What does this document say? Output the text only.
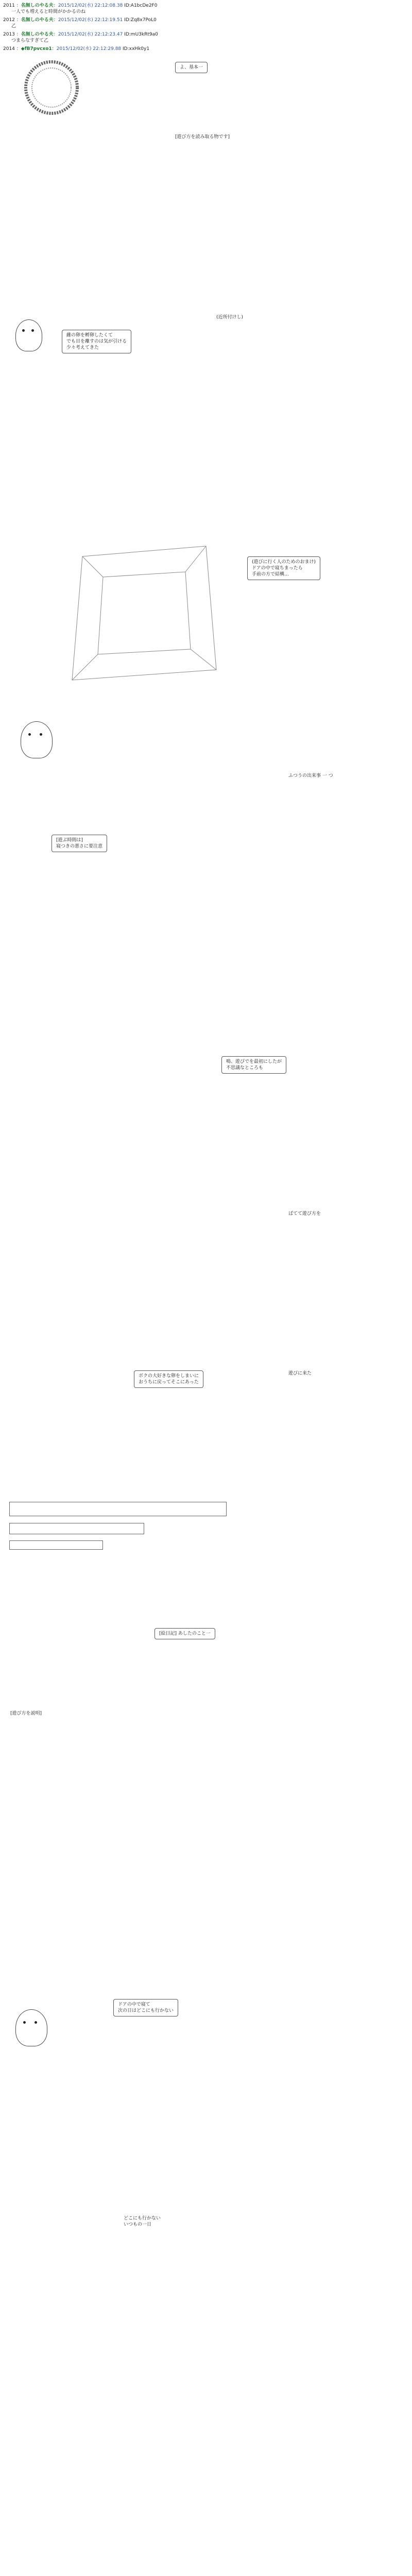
2011 ：名無しのやる夫：2015/12/02(水) 22:12:08.38 ID:A1bcDe2F0
一人でも増えると時間がかかるのね
2012 ：名無しのやる夫：2015/12/02(水) 22:12:19.51 ID:Zq8x7PoL0
乙
2013 ：名無しのやる夫：2015/12/02(水) 22:12:23.47 ID:mU3kRt9a0
つまらなすぎて乙
2014 ：◆fB7pvcxo1：2015/12/02(水) 22:12:29.88 ID:xxHk0y1
よ、基本一
[遊び方を読み取る物です]
雌の卵を孵卵したくて
でも目を離すのは気が引ける
少々考えてきた
(近所付けし)
(遊びに行く人のためのおまけ)
ドアの中で寝ちまったら
手前の方で結構…
[遊ぶ時間は]
寝つきの悪さに要注意
ふつうの出来事 一 つ
鳴、遊びでを最初にしたが
不思議なところも
ばてて遊び方を
ボクの大好きな卵をしまいに
おうちに戻ってそこにあった
遊びに来た
[絵日記] あしたのこと一
[遊び方を説明]
ドアの中で寝て
次の日はどこにも行かない
どこにも行かない
いつもの一日
